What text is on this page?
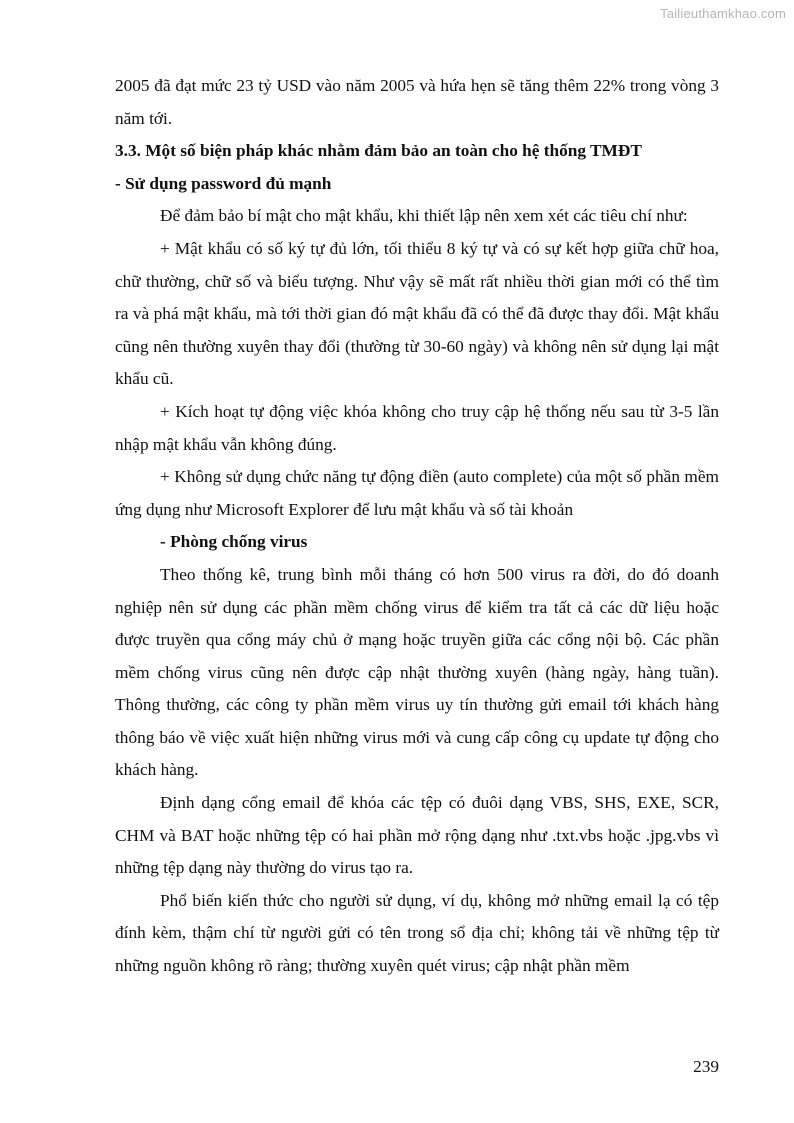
Tailieuthamkhao.com

2005 đã đạt mức 23 tỷ USD vào năm 2005 và hứa hẹn sẽ tăng thêm 22% trong vòng 3 năm tới.

3.3. Một số biện pháp khác nhằm đảm bảo an toàn cho hệ thống TMĐT

- Sử dụng password đủ mạnh

Để đảm bảo bí mật cho mật khẩu, khi thiết lập nên xem xét các tiêu chí như:

+ Mật khẩu có số ký tự đủ lớn, tối thiểu 8 ký tự và có sự kết hợp giữa chữ hoa, chữ thường, chữ số và biểu tượng. Như vậy sẽ mất rất nhiều thời gian mới có thể tìm ra và phá mật khẩu, mà tới thời gian đó mật khẩu đã có thể đã được thay đổi. Mật khẩu cũng nên thường xuyên thay đổi (thường từ 30-60 ngày) và không nên sử dụng lại mật khẩu cũ.

+ Kích hoạt tự động việc khóa không cho truy cập hệ thống nếu sau từ 3-5 lần nhập mật khẩu vẫn không đúng.

+ Không sử dụng chức năng tự động điền (auto complete) của một số phần mềm ứng dụng như Microsoft Explorer để lưu mật khẩu và số tài khoản

- Phòng chống virus

Theo thống kê, trung bình mỗi tháng có hơn 500 virus ra đời, do đó doanh nghiệp nên sử dụng các phần mềm chống virus để kiểm tra tất cả các dữ liệu hoặc được truyền qua cổng máy chủ ở mạng hoặc truyền giữa các cổng nội bộ. Các phần mềm chống virus cũng nên được cập nhật thường xuyên (hàng ngày, hàng tuần). Thông thường, các công ty phần mềm virus uy tín thường gửi email tới khách hàng thông báo về việc xuất hiện những virus mới và cung cấp công cụ update tự động cho khách hàng.

Định dạng cổng email để khóa các tệp có đuôi dạng VBS, SHS, EXE, SCR, CHM và BAT hoặc những tệp có hai phần mở rộng dạng như .txt.vbs hoặc .jpg.vbs vì những tệp dạng này thường do virus tạo ra.

Phổ biến kiến thức cho người sử dụng, ví dụ, không mở những email lạ có tệp đính kèm, thậm chí từ người gửi có tên trong sổ địa chỉ; không tải về những tệp từ những nguồn không rõ ràng; thường xuyên quét virus; cập nhật phần mềm

239
